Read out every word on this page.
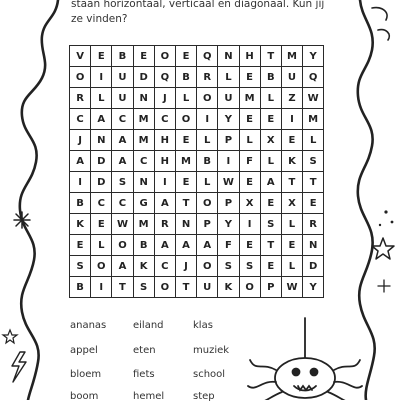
staan horizontaal, verticaal en diagonaal. Kun jij
ze vinden?
V	E	B	E	O	E	Q	N	H	T	M	Y
O	I	U	D	Q	B	R	L	E	B	U	Q
R	L	U	N	J	L	O	U	M	L	Z	W
C	A	C	M	C	O	I	Y	E	E	I	M
J	N	A	M	H	E	L	P	L	X	E	L
A	D	A	C	H	M	B	I	F	L	K	S
I	D	S	N	I	E	L	W	E	A	T	T
B	C	C	G	A	T	O	P	X	E	X	E
K	E	W	M	R	N	P	Y	I	S	L	R
E	L	O	B	A	A	A	F	E	T	E	N
S	O	A	K	C	J	O	S	S	E	L	D
B	I	T	S	O	T	U	K	O	P	W	Y
ananas	eiland	klas
appel	eten	muziek
bloem	fiets	school
boom	hemel	step
